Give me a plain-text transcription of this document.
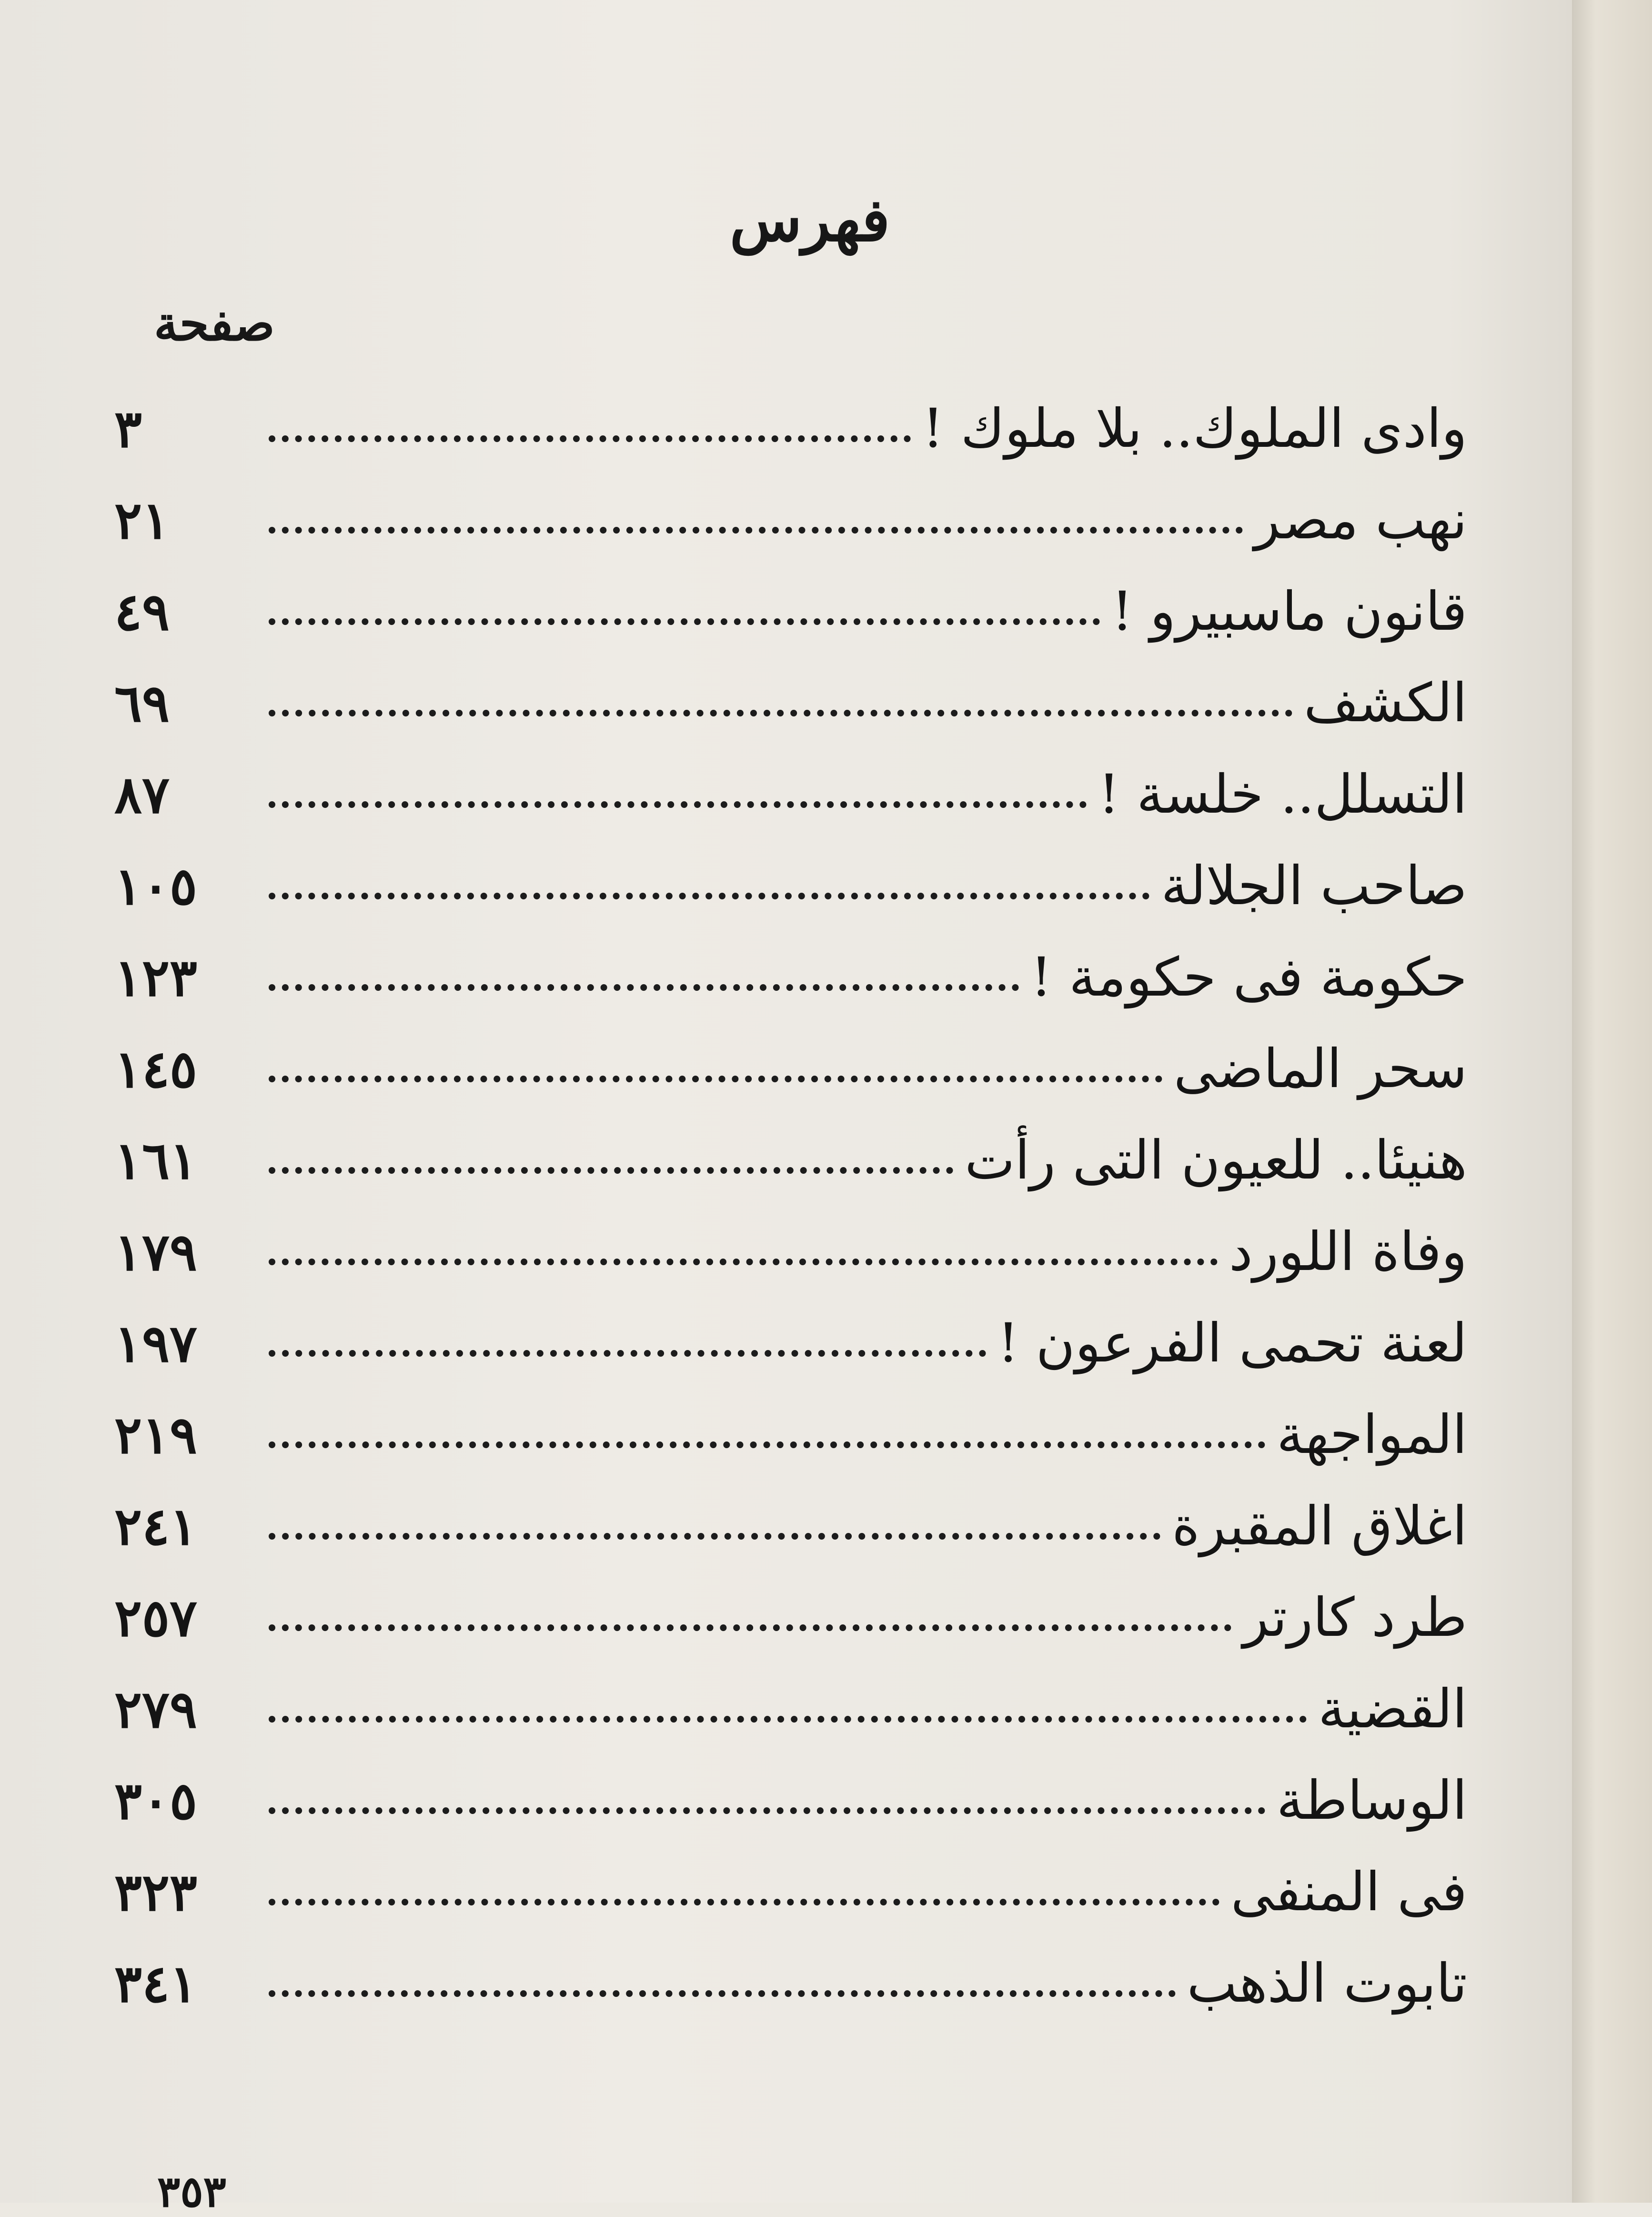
فهرس
صفحة
وادى الملوك.. بلا ملوك !
٣
نهب مصر
٢١
قانون ماسبيرو !
٤٩
الكشف
٦٩
التسلل.. خلسة !
٨٧
صاحب الجلالة
١٠٥
حكومة فى حكومة !
١٢٣
سحر الماضى
١٤٥
هنيئا.. للعيون التى رأت
١٦١
وفاة اللورد
١٧٩
لعنة تحمى الفرعون !
١٩٧
المواجهة
٢١٩
اغلاق المقبرة
٢٤١
طرد كارتر
٢٥٧
القضية
٢٧٩
الوساطة
٣٠٥
فى المنفى
٣٢٣
تابوت الذهب
٣٤١
٣٥٣
